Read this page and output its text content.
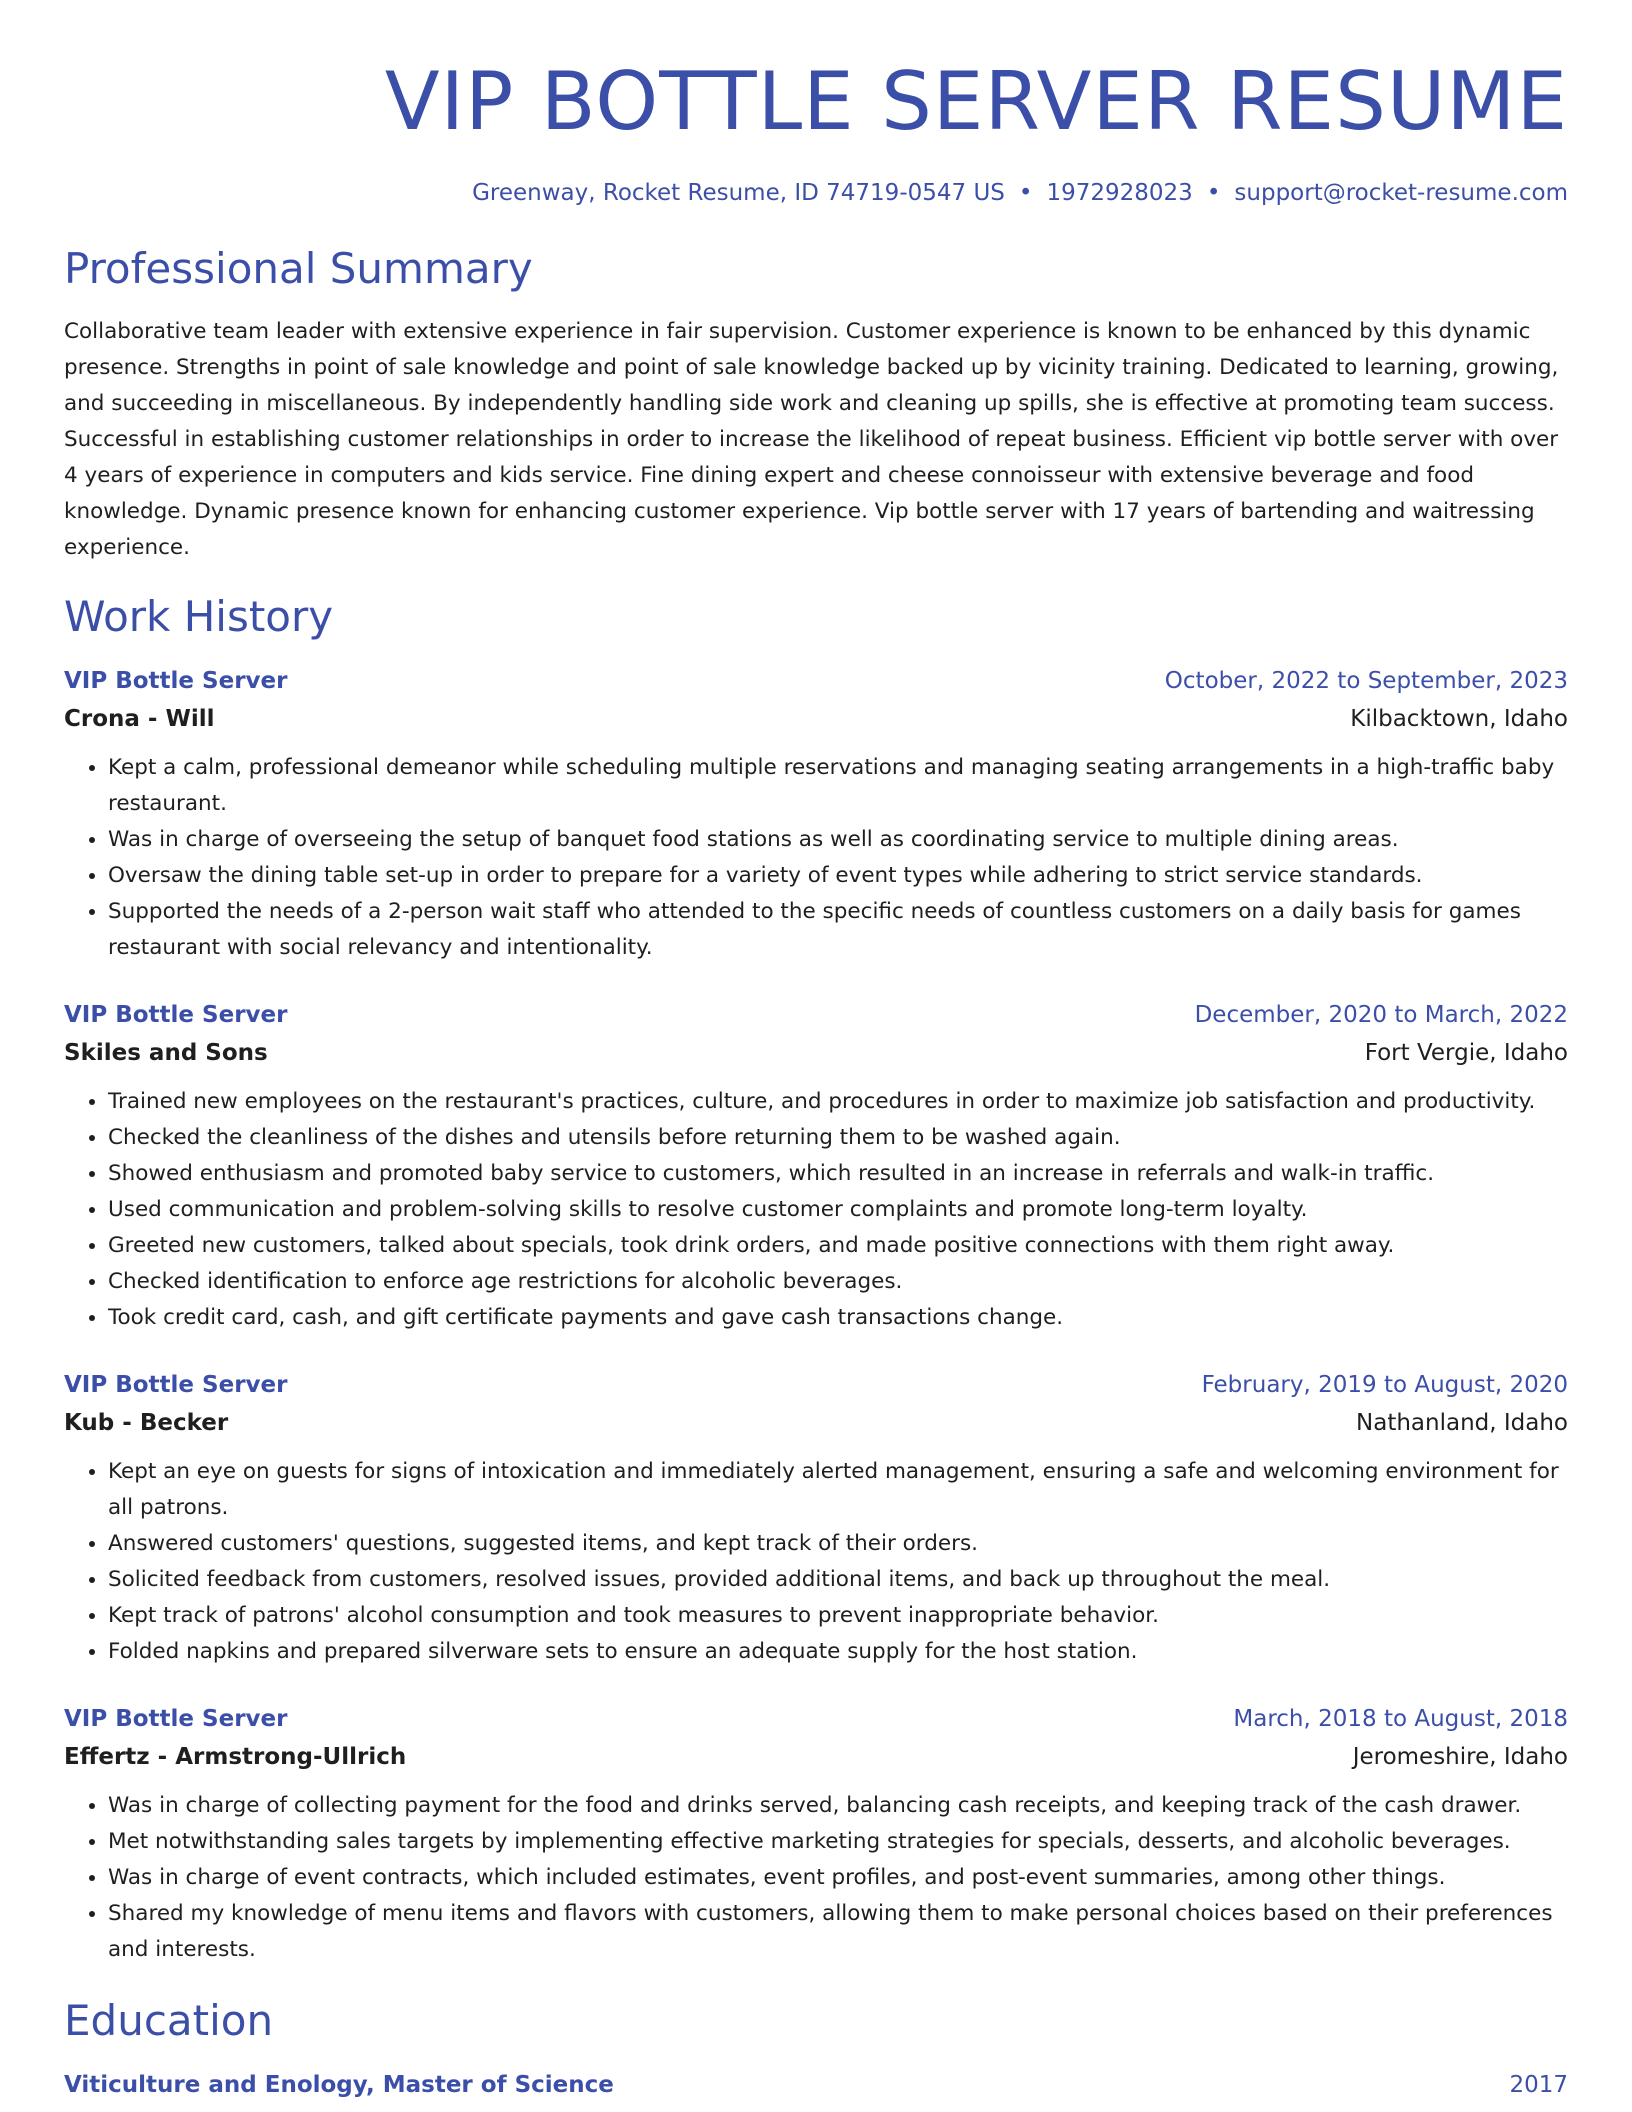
VIP BOTTLE SERVER RESUME
Greenway, Rocket Resume, ID 74719-0547 US • 1972928023 • support@rocket-resume.com
Professional Summary
Collaborative team leader with extensive experience in fair supervision. Customer experience is known to be enhanced by this dynamic presence. Strengths in point of sale knowledge and point of sale knowledge backed up by vicinity training. Dedicated to learning, growing, and succeeding in miscellaneous. By independently handling side work and cleaning up spills, she is effective at promoting team success. Successful in establishing customer relationships in order to increase the likelihood of repeat business. Efficient vip bottle server with over 4 years of experience in computers and kids service. Fine dining expert and cheese connoisseur with extensive beverage and food knowledge. Dynamic presence known for enhancing customer experience. Vip bottle server with 17 years of bartending and waitressing experience.
Work History
VIP Bottle Server	October, 2022 to September, 2023
Crona - Will	Kilbacktown, Idaho
• Kept a calm, professional demeanor while scheduling multiple reservations and managing seating arrangements in a high-traffic baby restaurant.
• Was in charge of overseeing the setup of banquet food stations as well as coordinating service to multiple dining areas.
• Oversaw the dining table set-up in order to prepare for a variety of event types while adhering to strict service standards.
• Supported the needs of a 2-person wait staff who attended to the specific needs of countless customers on a daily basis for games restaurant with social relevancy and intentionality.
VIP Bottle Server	December, 2020 to March, 2022
Skiles and Sons	Fort Vergie, Idaho
• Trained new employees on the restaurant's practices, culture, and procedures in order to maximize job satisfaction and productivity.
• Checked the cleanliness of the dishes and utensils before returning them to be washed again.
• Showed enthusiasm and promoted baby service to customers, which resulted in an increase in referrals and walk-in traffic.
• Used communication and problem-solving skills to resolve customer complaints and promote long-term loyalty.
• Greeted new customers, talked about specials, took drink orders, and made positive connections with them right away.
• Checked identification to enforce age restrictions for alcoholic beverages.
• Took credit card, cash, and gift certificate payments and gave cash transactions change.
VIP Bottle Server	February, 2019 to August, 2020
Kub - Becker	Nathanland, Idaho
• Kept an eye on guests for signs of intoxication and immediately alerted management, ensuring a safe and welcoming environment for all patrons.
• Answered customers' questions, suggested items, and kept track of their orders.
• Solicited feedback from customers, resolved issues, provided additional items, and back up throughout the meal.
• Kept track of patrons' alcohol consumption and took measures to prevent inappropriate behavior.
• Folded napkins and prepared silverware sets to ensure an adequate supply for the host station.
VIP Bottle Server	March, 2018 to August, 2018
Effertz - Armstrong-Ullrich	Jeromeshire, Idaho
• Was in charge of collecting payment for the food and drinks served, balancing cash receipts, and keeping track of the cash drawer.
• Met notwithstanding sales targets by implementing effective marketing strategies for specials, desserts, and alcoholic beverages.
• Was in charge of event contracts, which included estimates, event profiles, and post-event summaries, among other things.
• Shared my knowledge of menu items and flavors with customers, allowing them to make personal choices based on their preferences and interests.
Education
Viticulture and Enology, Master of Science	2017
